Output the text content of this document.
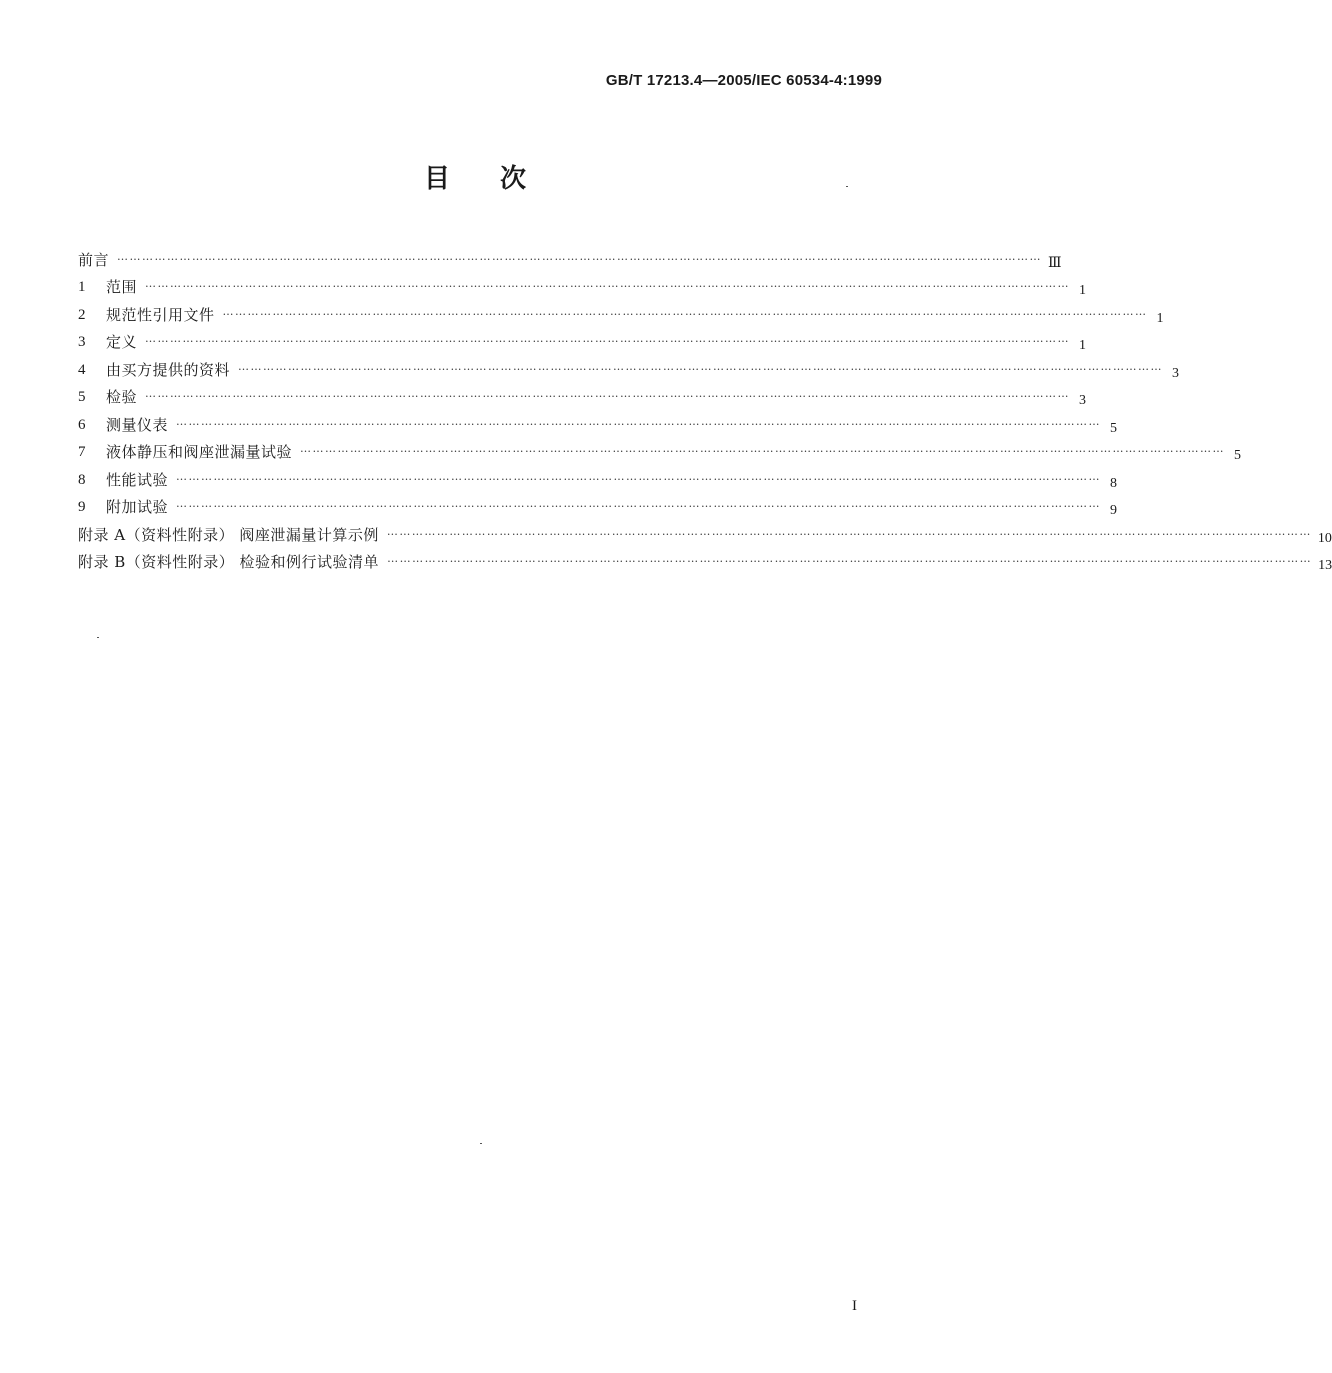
GB/T 17213.4—2005/IEC 60534-4:1999
目 次
前言 …………………………………………………………………………………………………………………………………………………………………………………………………… Ⅲ
1	范围 …………………………………………………………………………………………………………………………………………………………………………………………………… 1
2	规范性引用文件 …………………………………………………………………………………………………………………………………………………………………………………………………… 1
3	定义 …………………………………………………………………………………………………………………………………………………………………………………………………… 1
4	由买方提供的资料 …………………………………………………………………………………………………………………………………………………………………………………………………… 3
5	检验 …………………………………………………………………………………………………………………………………………………………………………………………………… 3
6	测量仪表 …………………………………………………………………………………………………………………………………………………………………………………………………… 5
7	液体静压和阀座泄漏量试验 …………………………………………………………………………………………………………………………………………………………………………………………………… 5
8	性能试验 …………………………………………………………………………………………………………………………………………………………………………………………………… 8
9	附加试验 …………………………………………………………………………………………………………………………………………………………………………………………………… 9
附录 A（资料性附录） 阀座泄漏量计算示例 …………………………………………………………………………………………………………………………………………………………………………………………………… 10
附录 B（资料性附录） 检验和例行试验清单 …………………………………………………………………………………………………………………………………………………………………………………………………… 13
I
